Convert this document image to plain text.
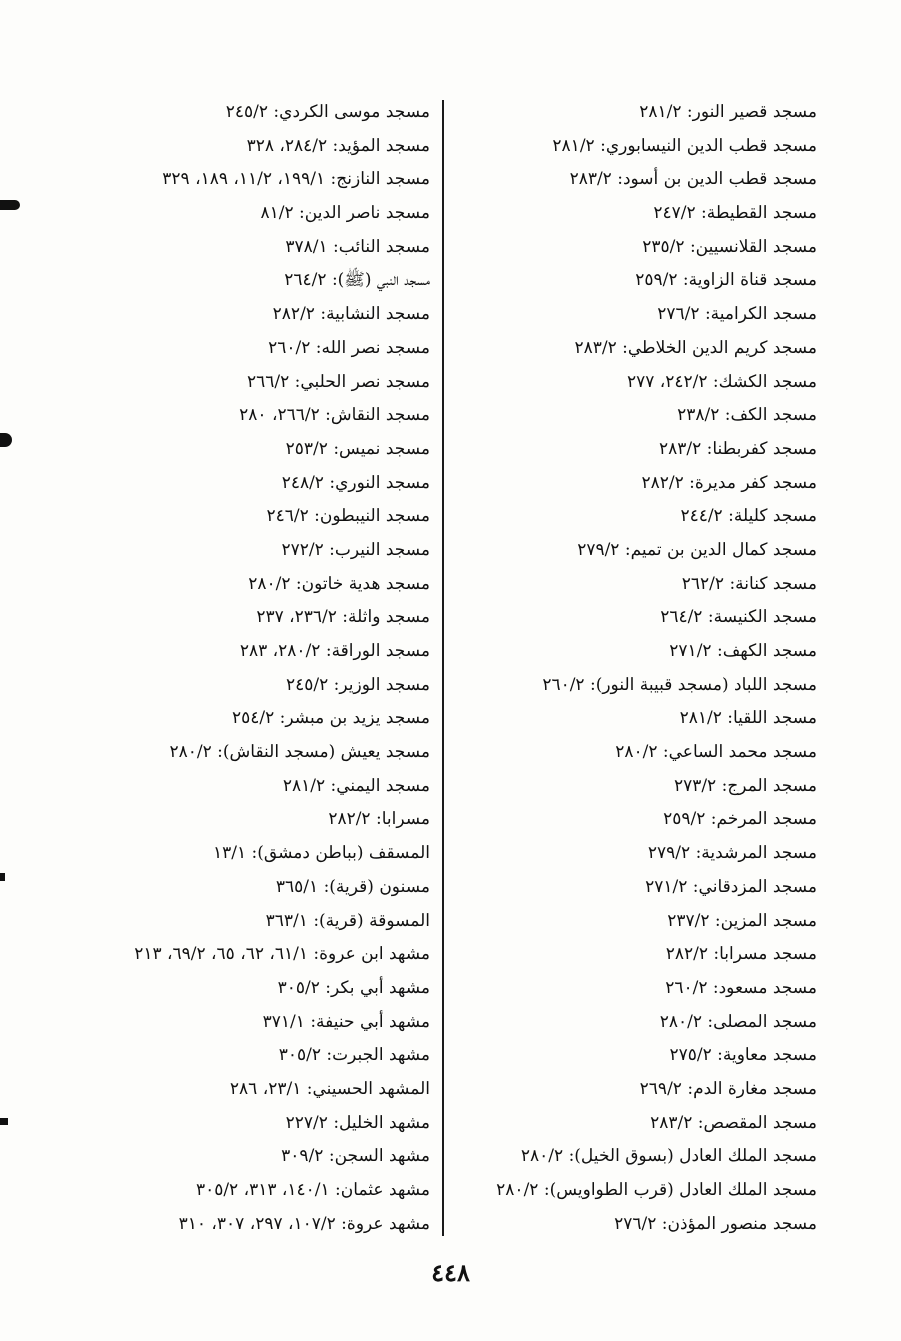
مسجد قصير النور: ٢٨١/٢
مسجد قطب الدين النيسابوري: ٢٨١/٢
مسجد قطب الدين بن أسود: ٢٨٣/٢
مسجد القطيطة: ٢٤٧/٢
مسجد القلانسيين: ٢٣٥/٢
مسجد قناة الزاوية: ٢٥٩/٢
مسجد الكرامية: ٢٧٦/٢
مسجد كريم الدين الخلاطي: ٢٨٣/٢
مسجد الكشك: ٢٤٢/٢، ٢٧٧
مسجد الكف: ٢٣٨/٢
مسجد كفربطنا: ٢٨٣/٢
مسجد كفر مديرة: ٢٨٢/٢
مسجد كليلة: ٢٤٤/٢
مسجد كمال الدين بن تميم: ٢٧٩/٢
مسجد كنانة: ٢٦٢/٢
مسجد الكنيسة: ٢٦٤/٢
مسجد الكهف: ٢٧١/٢
مسجد اللباد (مسجد قبيبة النور): ٢٦٠/٢
مسجد اللقيا: ٢٨١/٢
مسجد محمد الساعي: ٢٨٠/٢
مسجد المرج: ٢٧٣/٢
مسجد المرخم: ٢٥٩/٢
مسجد المرشدية: ٢٧٩/٢
مسجد المزدقاني: ٢٧١/٢
مسجد المزين: ٢٣٧/٢
مسجد مسرابا: ٢٨٢/٢
مسجد مسعود: ٢٦٠/٢
مسجد المصلى: ٢٨٠/٢
مسجد معاوية: ٢٧٥/٢
مسجد مغارة الدم: ٢٦٩/٢
مسجد المقصص: ٢٨٣/٢
مسجد الملك العادل (بسوق الخيل): ٢٨٠/٢
مسجد الملك العادل (قرب الطواويس): ٢٨٠/٢
مسجد منصور المؤذن: ٢٧٦/٢
مسجد موسى الكردي: ٢٤٥/٢
مسجد المؤيد: ٢٨٤/٢، ٣٢٨
مسجد النازنج: ١٩٩/١، ١١/٢، ١٨٩، ٣٢٩
مسجد ناصر الدين: ٨١/٢
مسجد النائب: ٣٧٨/١
مسجد النبي (ﷺ): ٢٦٤/٢
مسجد النشابية: ٢٨٢/٢
مسجد نصر الله: ٢٦٠/٢
مسجد نصر الحلبي: ٢٦٦/٢
مسجد النقاش: ٢٦٦/٢، ٢٨٠
مسجد نميس: ٢٥٣/٢
مسجد النوري: ٢٤٨/٢
مسجد النيبطون: ٢٤٦/٢
مسجد النيرب: ٢٧٢/٢
مسجد هدية خاتون: ٢٨٠/٢
مسجد واثلة: ٢٣٦/٢، ٢٣٧
مسجد الوراقة: ٢٨٠/٢، ٢٨٣
مسجد الوزير: ٢٤٥/٢
مسجد يزيد بن مبشر: ٢٥٤/٢
مسجد يعيش (مسجد النقاش): ٢٨٠/٢
مسجد اليمني: ٢٨١/٢
مسرابا: ٢٨٢/٢
المسقف (بباطن دمشق): ١٣/١
مسنون (قرية): ٣٦٥/١
المسوقة (قرية): ٣٦٣/١
مشهد ابن عروة: ٦١/١، ٦٢، ٦٥، ٦٩/٢، ٢١٣
مشهد أبي بكر: ٣٠٥/٢
مشهد أبي حنيفة: ٣٧١/١
مشهد الجبرت: ٣٠٥/٢
المشهد الحسيني: ٢٣/١، ٢٨٦
مشهد الخليل: ٢٢٧/٢
مشهد السجن: ٣٠٩/٢
مشهد عثمان: ١٤٠/١، ٣١٣، ٣٠٥/٢
مشهد عروة: ١٠٧/٢، ٢٩٧، ٣٠٧، ٣١٠
٤٤٨
